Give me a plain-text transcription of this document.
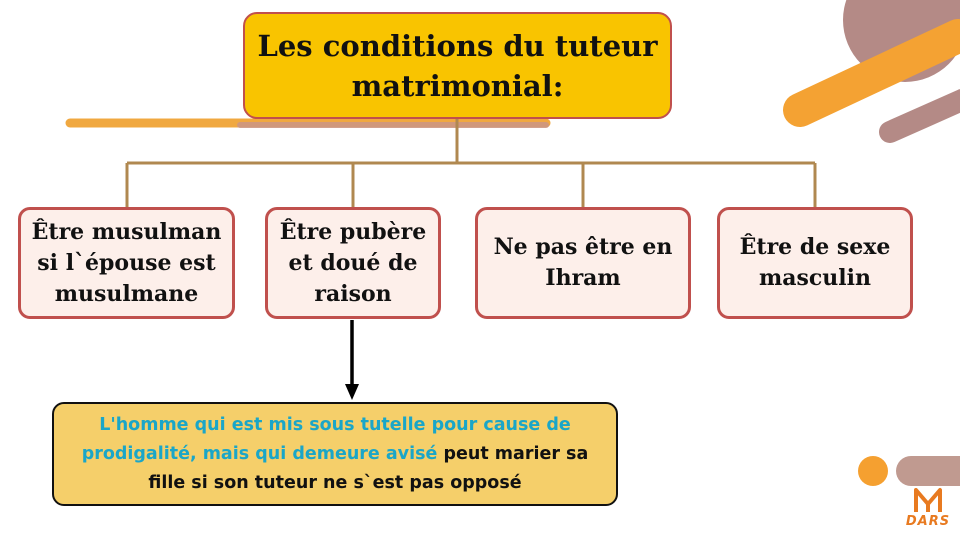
Les conditions du tuteur matrimonial:
Être musulman si l`épouse est musulmane
Être pubère et doué de raison
Ne pas être en Ihram
Être de sexe masculin
L'homme qui est mis sous tutelle pour cause de prodigalité, mais qui demeure avisé peut marier sa fille si son tuteur ne s`est pas opposé
DARS
